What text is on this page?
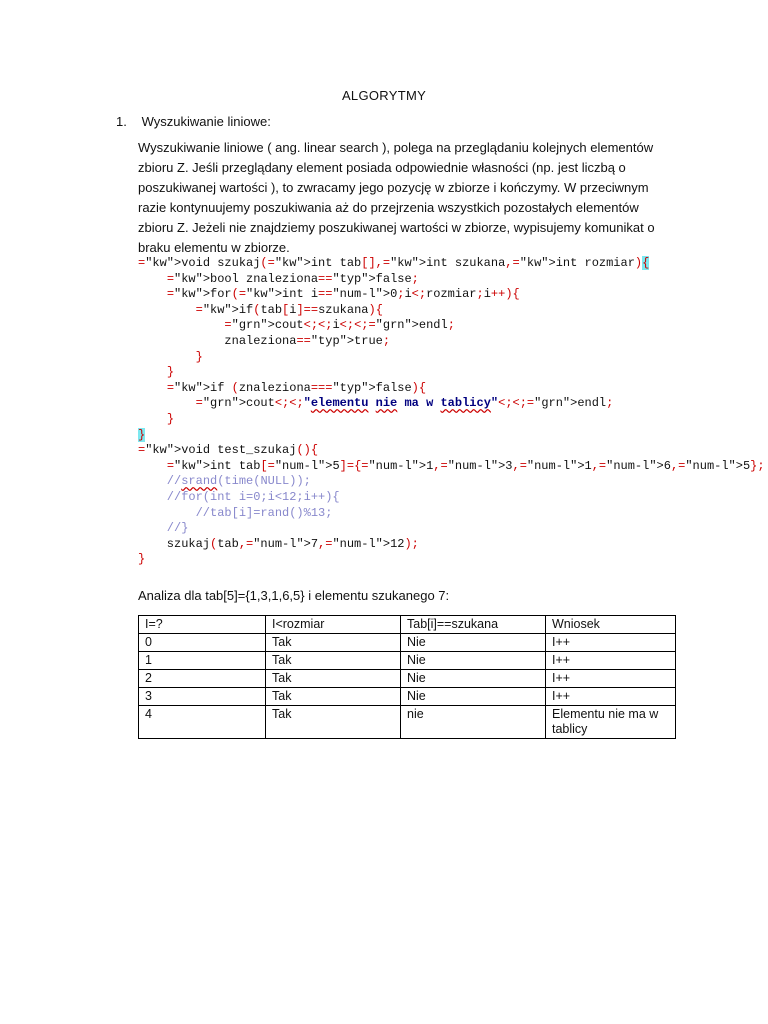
ALGORYTMY
1. Wyszukiwanie liniowe:

Wyszukiwanie liniowe ( ang. linear search ), polega na przeglądaniu kolejnych elementów zbioru Z. Jeśli przeglądany element posiada odpowiednie własności (np. jest liczbą o poszukiwanej wartości ), to zwracamy jego pozycję w zbiorze i kończymy. W przeciwnym razie kontynuujemy poszukiwania aż do przejrzenia wszystkich pozostałych elementów zbioru Z. Jeżeli nie znajdziemy poszukiwanej wartości w zbiorze, wypisujemy komunikat o braku elementu w zbiorze.

="kw">void szukaj(="kw">int tab[],="kw">int szukana,="kw">int rozmiar){
="kw">bool znaleziona=="typ">false;
="kw">for(="kw">int i=="num-l">0;i<;rozmiar;i++){
="kw">if(tab[i]==szukana){
="grn">cout<;<;i<;<;="grn">endl;
znaleziona=="typ">true;
}
}
="kw">if (znaleziona==="typ">false){
="grn">cout<;<;"elementu nie ma w tablicy"<;<;="grn">endl;
}
}
="kw">void test_szukaj(){
="kw">int tab[="num-l">5]={="num-l">1,="num-l">3,="num-l">1,="num-l">6,="num-l">5};
//srand(time(NULL));
//for(int i=0;i<12;i++){
//tab[i]=rand()%13;
//}
szukaj(tab,="num-l">7,="num-l">12);
}
Analiza dla tab[5]={1,3,1,6,5} i elementu szukanego 7:
I=?	I<rozmiar	Tab[i]==szukana	Wniosek
0	Tak	Nie	I++
1	Tak	Nie	I++
2	Tak	Nie	I++
3	Tak	Nie	I++
4	Tak	nie	Elementu nie ma w tablicy
